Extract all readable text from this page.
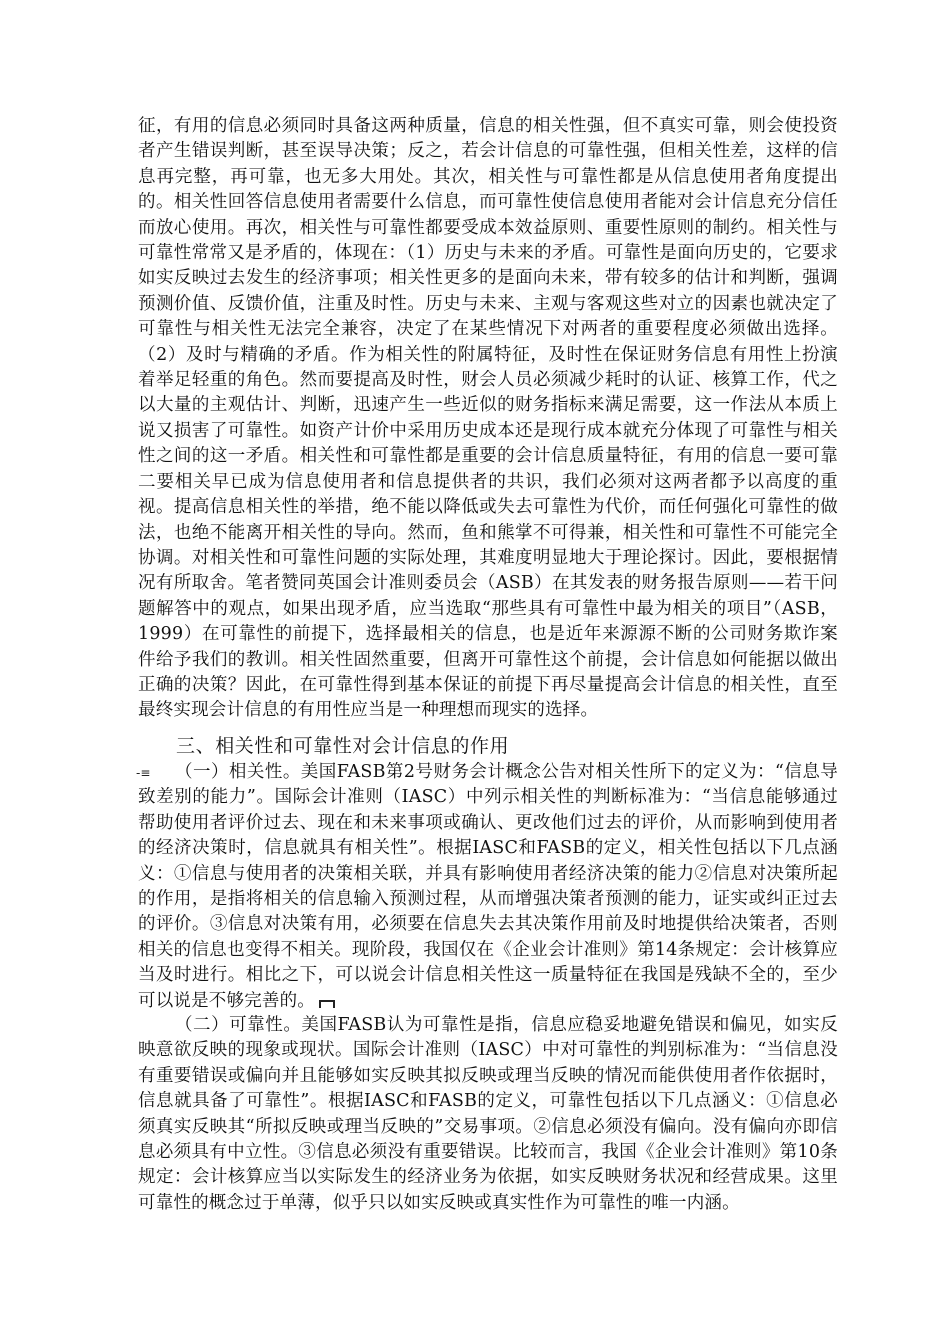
征，有用的信息必须同时具备这两种质量，信息的相关性强，但不真实可靠，则会使投资者产生错误判断，甚至误导决策；反之，若会计信息的可靠性强，但相关性差，这样的信息再完整，再可靠，也无多大用处。其次，相关性与可靠性都是从信息使用者角度提出的。相关性回答信息使用者需要什么信息，而可靠性使信息使用者能对会计信息充分信任而放心使用。再次，相关性与可靠性都要受成本效益原则、重要性原则的制约。相关性与可靠性常常又是矛盾的，体现在：（1）历史与未来的矛盾。可靠性是面向历史的，它要求如实反映过去发生的经济事项；相关性更多的是面向未来，带有较多的估计和判断，强调预测价值、反馈价值，注重及时性。历史与未来、主观与客观这些对立的因素也就决定了可靠性与相关性无法完全兼容，决定了在某些情况下对两者的重要程度必须做出选择。（2）及时与精确的矛盾。作为相关性的附属特征，及时性在保证财务信息有用性上扮演着举足轻重的角色。然而要提高及时性，财会人员必须减少耗时的认证、核算工作，代之以大量的主观估计、判断，迅速产生一些近似的财务指标来满足需要，这一作法从本质上说又损害了可靠性。如资产计价中采用历史成本还是现行成本就充分体现了可靠性与相关性之间的这一矛盾。相关性和可靠性都是重要的会计信息质量特征，有用的信息一要可靠二要相关早已成为信息使用者和信息提供者的共识，我们必须对这两者都予以高度的重视。提高信息相关性的举措，绝不能以降低或失去可靠性为代价，而任何强化可靠性的做法，也绝不能离开相关性的导向。然而，鱼和熊掌不可得兼，相关性和可靠性不可能完全协调。对相关性和可靠性问题的实际处理，其难度明显地大于理论探讨。因此，要根据情况有所取舍。笔者赞同英国会计准则委员会（ASB）在其发表的财务报告原则——若干问题解答中的观点，如果出现矛盾，应当选取“那些具有可靠性中最为相关的项目”（ASB，1999）在可靠性的前提下，选择最相关的信息，也是近年来源源不断的公司财务欺诈案件给予我们的教训。相关性固然重要，但离开可靠性这个前提，会计信息如何能据以做出正确的决策？因此，在可靠性得到基本保证的前提下再尽量提高会计信息的相关性，直至最终实现会计信息的有用性应当是一种理想而现实的选择。

三、相关性和可靠性对会计信息的作用
-≡	（一）相关性。美国FASB第2号财务会计概念公告对相关性所下的定义为：“信息导致差别的能力”。国际会计准则（IASC）中列示相关性的判断标准为：“当信息能够通过帮助使用者评价过去、现在和未来事项或确认、更改他们过去的评价，从而影响到使用者的经济决策时，信息就具有相关性”。根据IASC和FASB的定义，相关性包括以下几点涵义：①信息与使用者的决策相关联，并具有影响使用者经济决策的能力②信息对决策所起的作用，是指将相关的信息输入预测过程，从而增强决策者预测的能力，证实或纠正过去的评价。③信息对决策有用，必须要在信息失去其决策作用前及时地提供给决策者，否则相关的信息也变得不相关。现阶段，我国仅在《企业会计准则》第14条规定：会计核算应当及时进行。相比之下，可以说会计信息相关性这一质量特征在我国是残缺不全的，至少可以说是不够完善的。

（二）可靠性。美国FASB认为可靠性是指，信息应稳妥地避免错误和偏见，如实反映意欲反映的现象或现状。国际会计准则（IASC）中对可靠性的判别标准为：“当信息没有重要错误或偏向并且能够如实反映其拟反映或理当反映的情况而能供使用者作依据时，信息就具备了可靠性”。根据IASC和FASB的定义，可靠性包括以下几点涵义：①信息必须真实反映其“所拟反映或理当反映的”交易事项。②信息必须没有偏向。没有偏向亦即信息必须具有中立性。③信息必须没有重要错误。比较而言，我国《企业会计准则》第10条规定：会计核算应当以实际发生的经济业务为依据，如实反映财务状况和经营成果。这里可靠性的概念过于单薄，似乎只以如实反映或真实性作为可靠性的唯一内涵。
